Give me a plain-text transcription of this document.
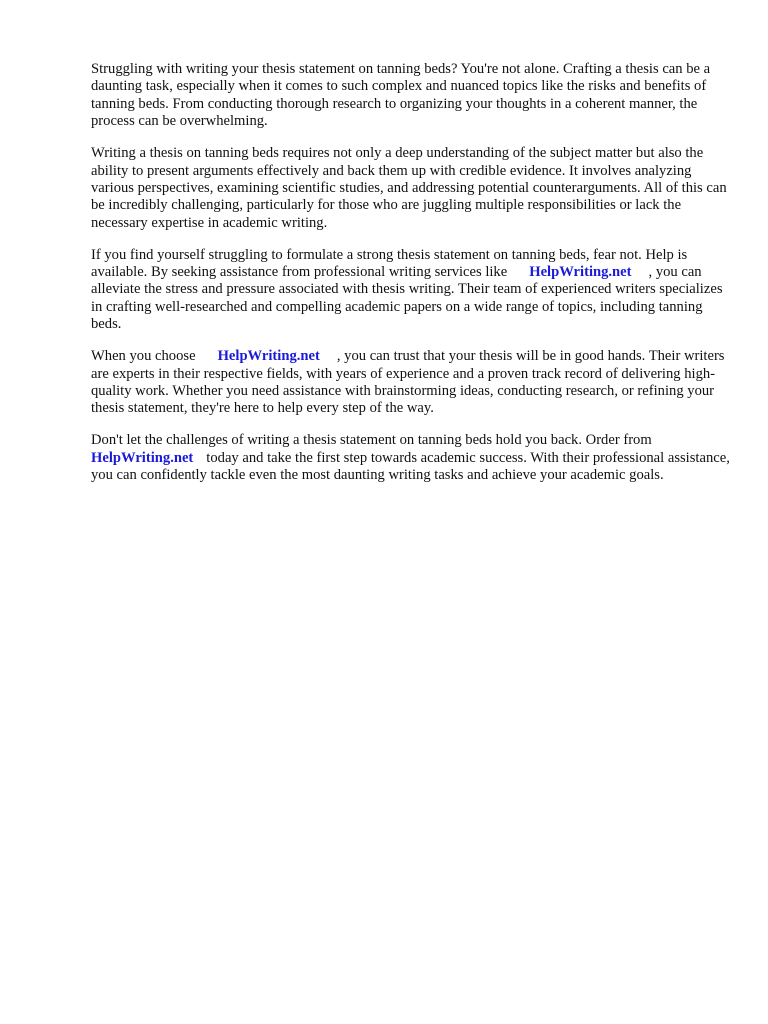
Struggling with writing your thesis statement on tanning beds? You're not alone. Crafting a thesis can be a daunting task, especially when it comes to such complex and nuanced topics like the risks and benefits of tanning beds. From conducting thorough research to organizing your thoughts in a coherent manner, the process can be overwhelming.

Writing a thesis on tanning beds requires not only a deep understanding of the subject matter but also the ability to present arguments effectively and back them up with credible evidence. It involves analyzing various perspectives, examining scientific studies, and addressing potential counterarguments. All of this can be incredibly challenging, particularly for those who are juggling multiple responsibilities or lack the necessary expertise in academic writing.

If you find yourself struggling to formulate a strong thesis statement on tanning beds, fear not. Help is available. By seeking assistance from professional writing services like HelpWriting.net , you can alleviate the stress and pressure associated with thesis writing. Their team of experienced writers specializes in crafting well-researched and compelling academic papers on a wide range of topics, including tanning beds.

When you choose HelpWriting.net , you can trust that your thesis will be in good hands. Their writers are experts in their respective fields, with years of experience and a proven track record of delivering high-quality work. Whether you need assistance with brainstorming ideas, conducting research, or refining your thesis statement, they're here to help every step of the way.

Don't let the challenges of writing a thesis statement on tanning beds hold you back. Order from HelpWriting.net today and take the first step towards academic success. With their professional assistance, you can confidently tackle even the most daunting writing tasks and achieve your academic goals.
